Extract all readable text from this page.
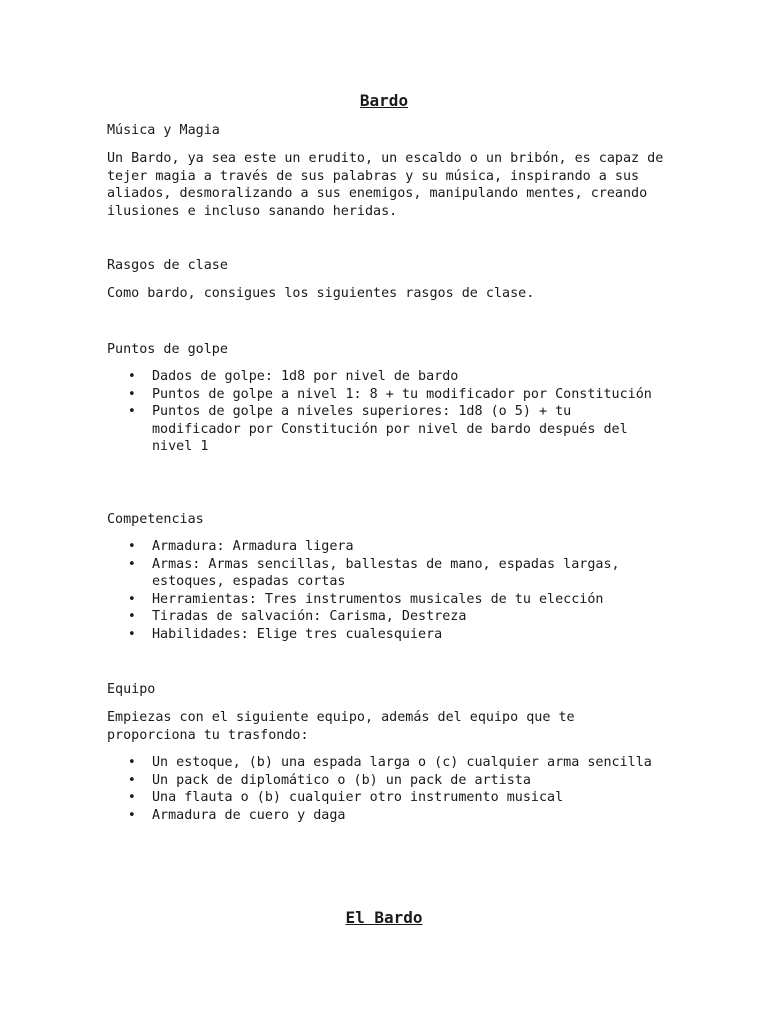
Bardo

Música y Magia

Un Bardo, ya sea este un erudito, un escaldo o un bribón, es capaz de tejer magia a través de sus palabras y su música, inspirando a sus aliados, desmoralizando a sus enemigos, manipulando mentes, creando ilusiones e incluso sanando heridas.

Rasgos de clase

Como bardo, consigues los siguientes rasgos de clase.

Puntos de golpe

• Dados de golpe: 1d8 por nivel de bardo
• Puntos de golpe a nivel 1: 8 + tu modificador por Constitución
• Puntos de golpe a niveles superiores: 1d8 (o 5) + tu modificador por Constitución por nivel de bardo después del nivel 1

Competencias

• Armadura: Armadura ligera
• Armas: Armas sencillas, ballestas de mano, espadas largas, estoques, espadas cortas
• Herramientas: Tres instrumentos musicales de tu elección
• Tiradas de salvación: Carisma, Destreza
• Habilidades: Elige tres cualesquiera

Equipo

Empiezas con el siguiente equipo, además del equipo que te proporciona tu trasfondo:

• Un estoque, (b) una espada larga o (c) cualquier arma sencilla
• Un pack de diplomático o (b) un pack de artista
• Una flauta o (b) cualquier otro instrumento musical
• Armadura de cuero y daga
El Bardo
